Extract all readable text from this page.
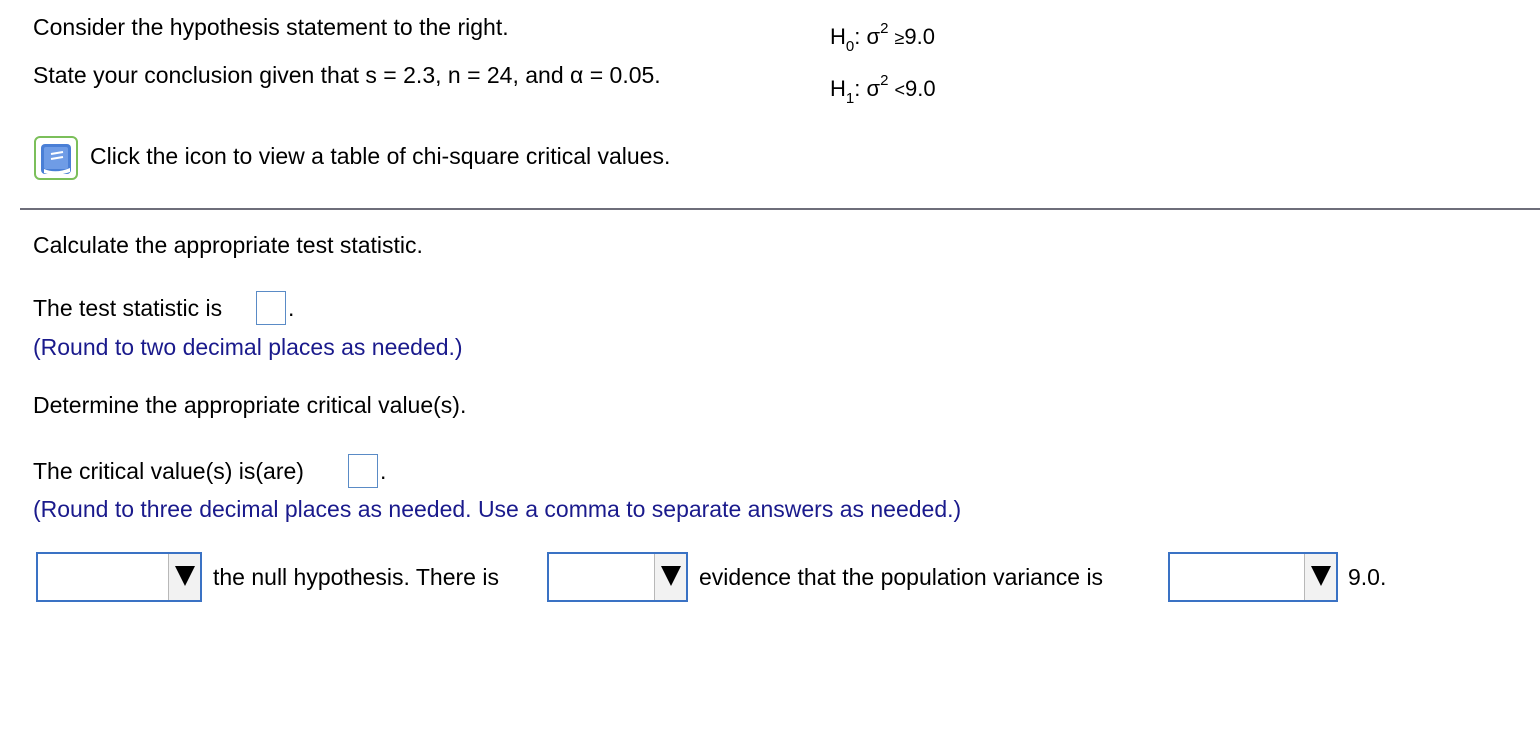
Consider the hypothesis statement to the right.
State your conclusion given that s = 2.3, n = 24, and α = 0.05.
$H_0$: $\sigma^2 \ge 9.0$
$H_1$: $\sigma^2 <9.0$
Click the icon to view a table of chi-square critical values.
Calculate the appropriate test statistic.
The test statistic is	.
(Round to two decimal places as needed.)
Determine the appropriate critical value(s).
The critical value(s) is(are)	.
(Round to three decimal places as needed. Use a comma to separate answers as needed.)
the null hypothesis. There is	evidence that the population variance is	9.0.
